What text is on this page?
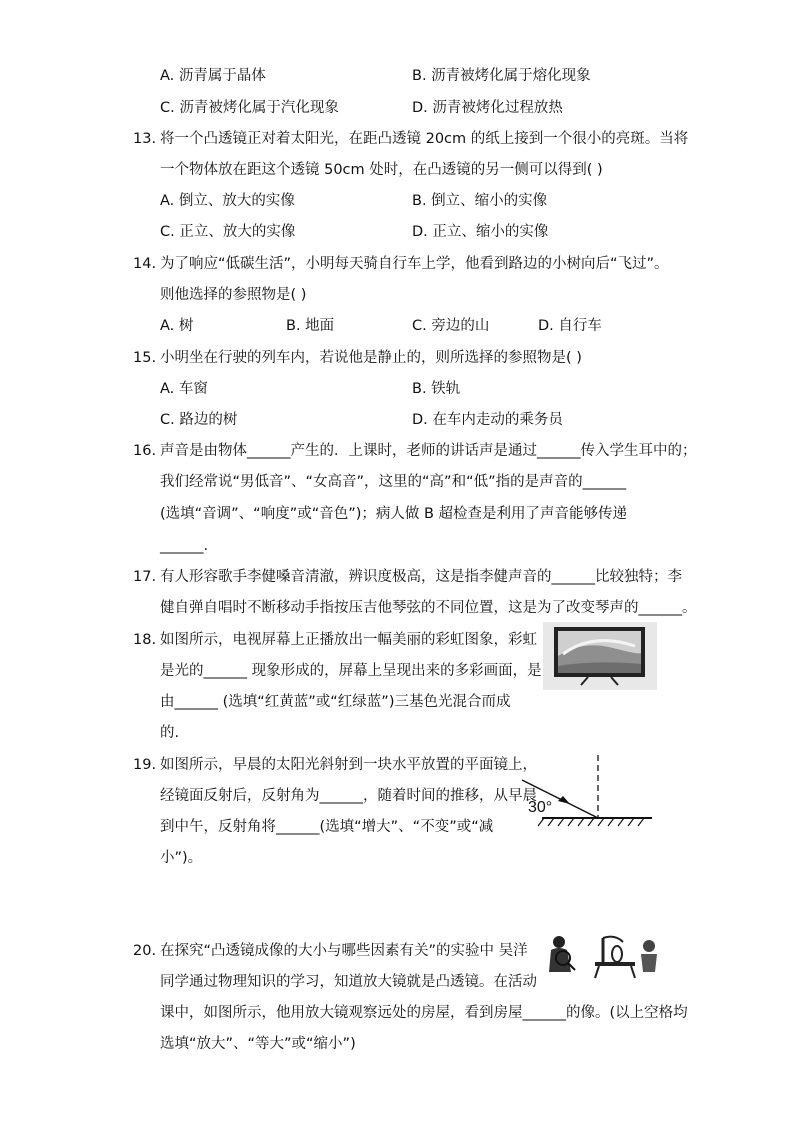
A. 沥青属于晶体	B. 沥青被烤化属于熔化现象
C. 沥青被烤化属于汽化现象	D. 沥青被烤化过程放热
13. 将一个凸透镜正对着太阳光，在距凸透镜 20cm 的纸上接到一个很小的亮斑。当将
一个物体放在距这个透镜 50cm 处时，在凸透镜的另一侧可以得到( )
A. 倒立、放大的实像	B. 倒立、缩小的实像
C. 正立、放大的实像	D. 正立、缩小的实像
14. 为了响应“低碳生活”，小明每天骑自行车上学，他看到路边的小树向后“飞过”。
则他选择的参照物是( )
A. 树	B. 地面	C. 旁边的山	D. 自行车
15. 小明坐在行驶的列车内，若说他是静止的，则所选择的参照物是( )
A. 车窗	B. 铁轨
C. 路边的树	D. 在车内走动的乘务员
16. 声音是由物体______产生的．上课时，老师的讲话声是通过______传入学生耳中的；
我们经常说“男低音”、“女高音”，这里的“高”和“低”指的是声音的______
(选填“音调”、“响度”或“音色”)；病人做 B 超检查是利用了声音能够传递
______.
17. 有人形容歌手李健嗓音清澈，辨识度极高，这是指李健声音的______比较独特；李
健自弹自唱时不断移动手指按压吉他琴弦的不同位置，这是为了改变琴声的______。
18. 如图所示，电视屏幕上正播放出一幅美丽的彩虹图象，彩虹
是光的______ 现象形成的，屏幕上呈现出来的多彩画面，是
由______ (选填“红黄蓝”或“红绿蓝”)三基色光混合而成
的.
19. 如图所示，早晨的太阳光斜射到一块水平放置的平面镜上，
经镜面反射后，反射角为______，随着时间的推移，从早晨
到中午，反射角将______(选填“增大”、“不变”或“减
小”)。
30°
20. 在探究“凸透镜成像的大小与哪些因素有关”的实验中 吴洋
同学通过物理知识的学习，知道放大镜就是凸透镜。在活动
课中，如图所示，他用放大镜观察远处的房屋，看到房屋______的像。(以上空格均
选填“放大”、“等大”或“缩小”)
